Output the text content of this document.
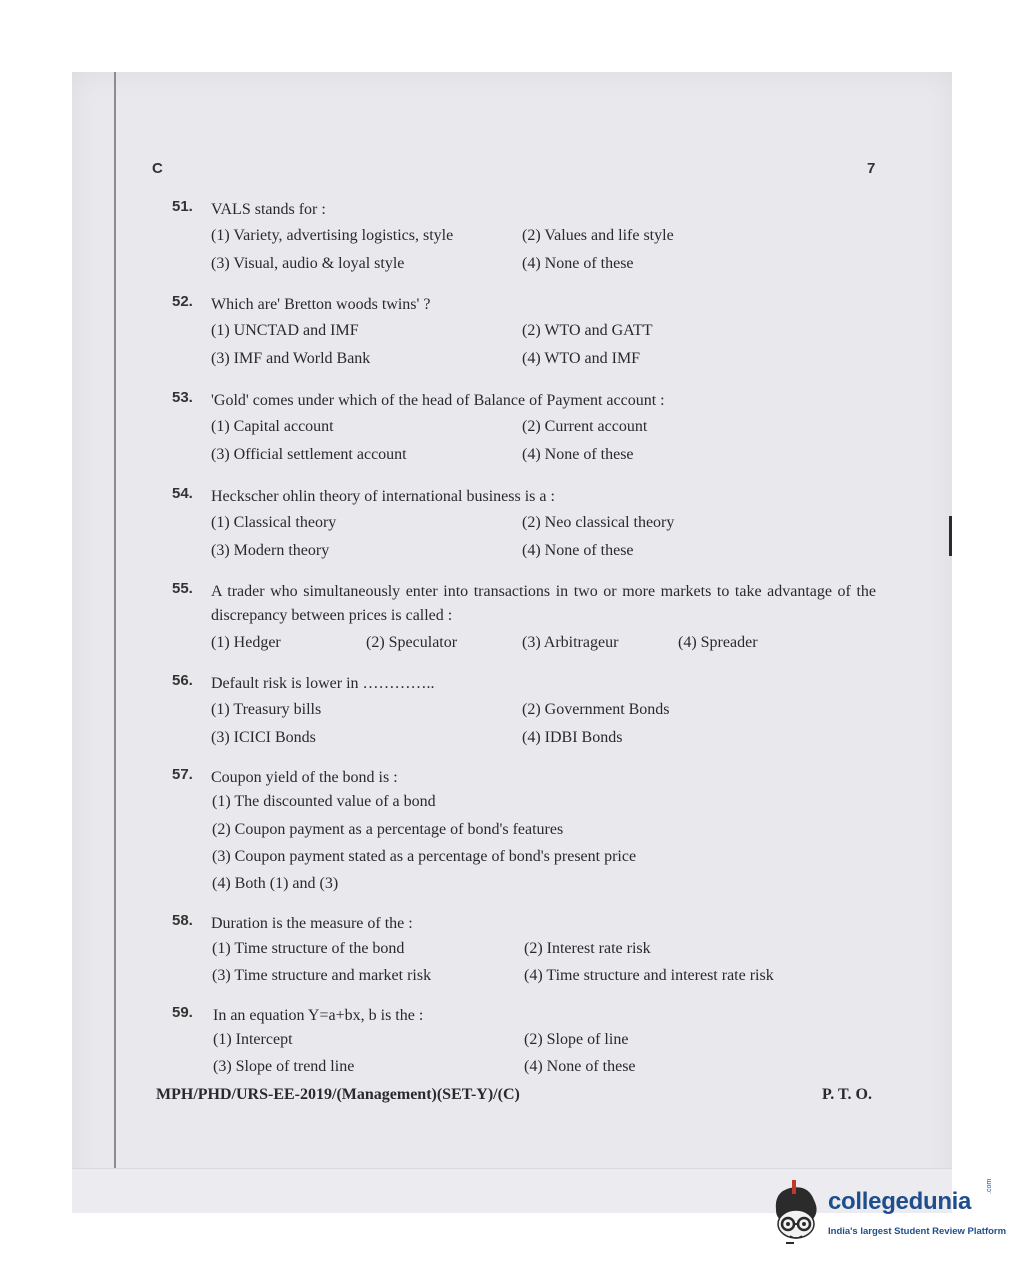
C	7
51. VALS stands for :
(1) Variety, advertising logistics, style	(2) Values and life style
(3) Visual, audio & loyal style	(4) None of these
52. Which are' Bretton woods twins' ?
(1) UNCTAD and IMF	(2) WTO and GATT
(3) IMF and World Bank	(4) WTO and IMF
53. 'Gold' comes under which of the head of Balance of Payment account :
(1) Capital account	(2) Current account
(3) Official settlement account	(4) None of these
54. Heckscher ohlin theory of international business is a :
(1) Classical theory	(2) Neo classical theory
(3) Modern theory	(4) None of these
55. A trader who simultaneously enter into transactions in two or more markets to take advantage of the discrepancy between prices is called :
(1) Hedger	(2) Speculator	(3) Arbitrageur	(4) Spreader
56. Default risk is lower in …………..
(1) Treasury bills	(2) Government Bonds
(3) ICICI Bonds	(4) IDBI Bonds
57. Coupon yield of the bond is :
(1) The discounted value of a bond
(2) Coupon payment as a percentage of bond's features
(3) Coupon payment stated as a percentage of bond's present price
(4) Both (1) and (3)
58. Duration is the measure of the :
(1) Time structure of the bond	(2) Interest rate risk
(3) Time structure and market risk	(4) Time structure and interest rate risk
59. In an equation Y=a+bx, b is the :
(1) Intercept	(2) Slope of line
(3) Slope of trend line	(4) None of these
MPH/PHD/URS-EE-2019/(Management)(SET-Y)/(C)	P. T. O.
collegedunia
.com
India's largest Student Review Platform
